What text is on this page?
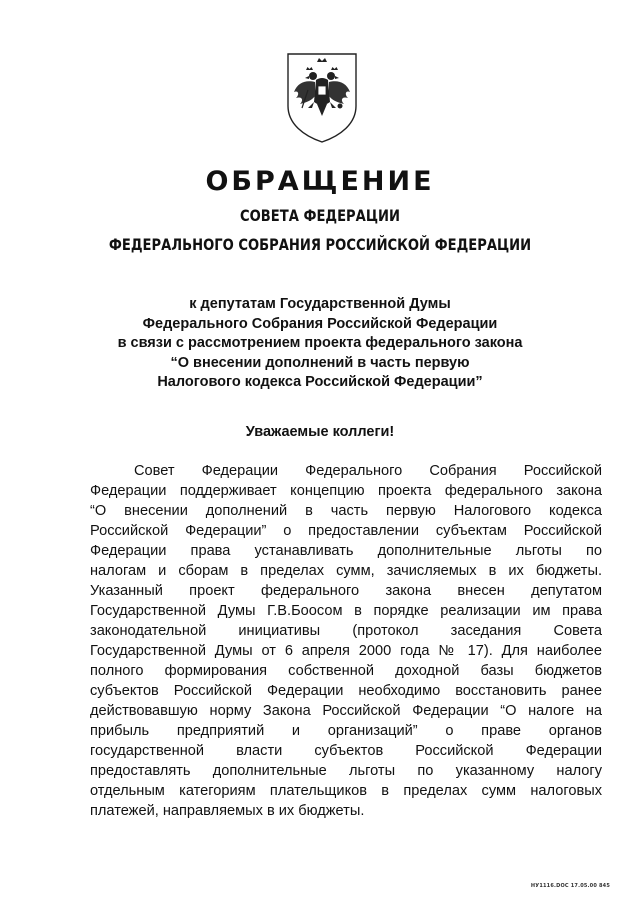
ОБРАЩЕНИЕ
СОВЕТА ФЕДЕРАЦИИ
ФЕДЕРАЛЬНОГО СОБРАНИЯ РОССИЙСКОЙ ФЕДЕРАЦИИ
к депутатам Государственной Думы
Федерального Собрания Российской Федерации
в связи с рассмотрением проекта федерального закона
“О внесении дополнений в часть первую
Налогового кодекса Российской Федерации”
Уважаемые коллеги!
Совет Федерации Федерального Собрания Российской
Федерации поддерживает концепцию проекта федерального закона
“О внесении дополнений в часть первую Налогового кодекса
Российской Федерации” о предоставлении субъектам Российской
Федерации права устанавливать дополнительные льготы по
налогам и сборам в пределах сумм, зачисляемых в их бюджеты.
Указанный проект федерального закона внесен депутатом
Государственной Думы Г.В.Боосом в порядке реализации им права
законодательной инициативы (протокол заседания Совета
Государственной Думы от 6 апреля 2000 года № 17). Для наиболее
полного формирования собственной доходной базы бюджетов
субъектов Российской Федерации необходимо восстановить ранее
действовавшую норму Закона Российской Федерации “О налоге на
прибыль предприятий и организаций” о праве органов
государственной власти субъектов Российской Федерации
предоставлять дополнительные льготы по указанному налогу
отдельным категориям плательщиков в пределах сумм налоговых
платежей, направляемых в их бюджеты.
НУ1116.DOC 17.05.00 845
